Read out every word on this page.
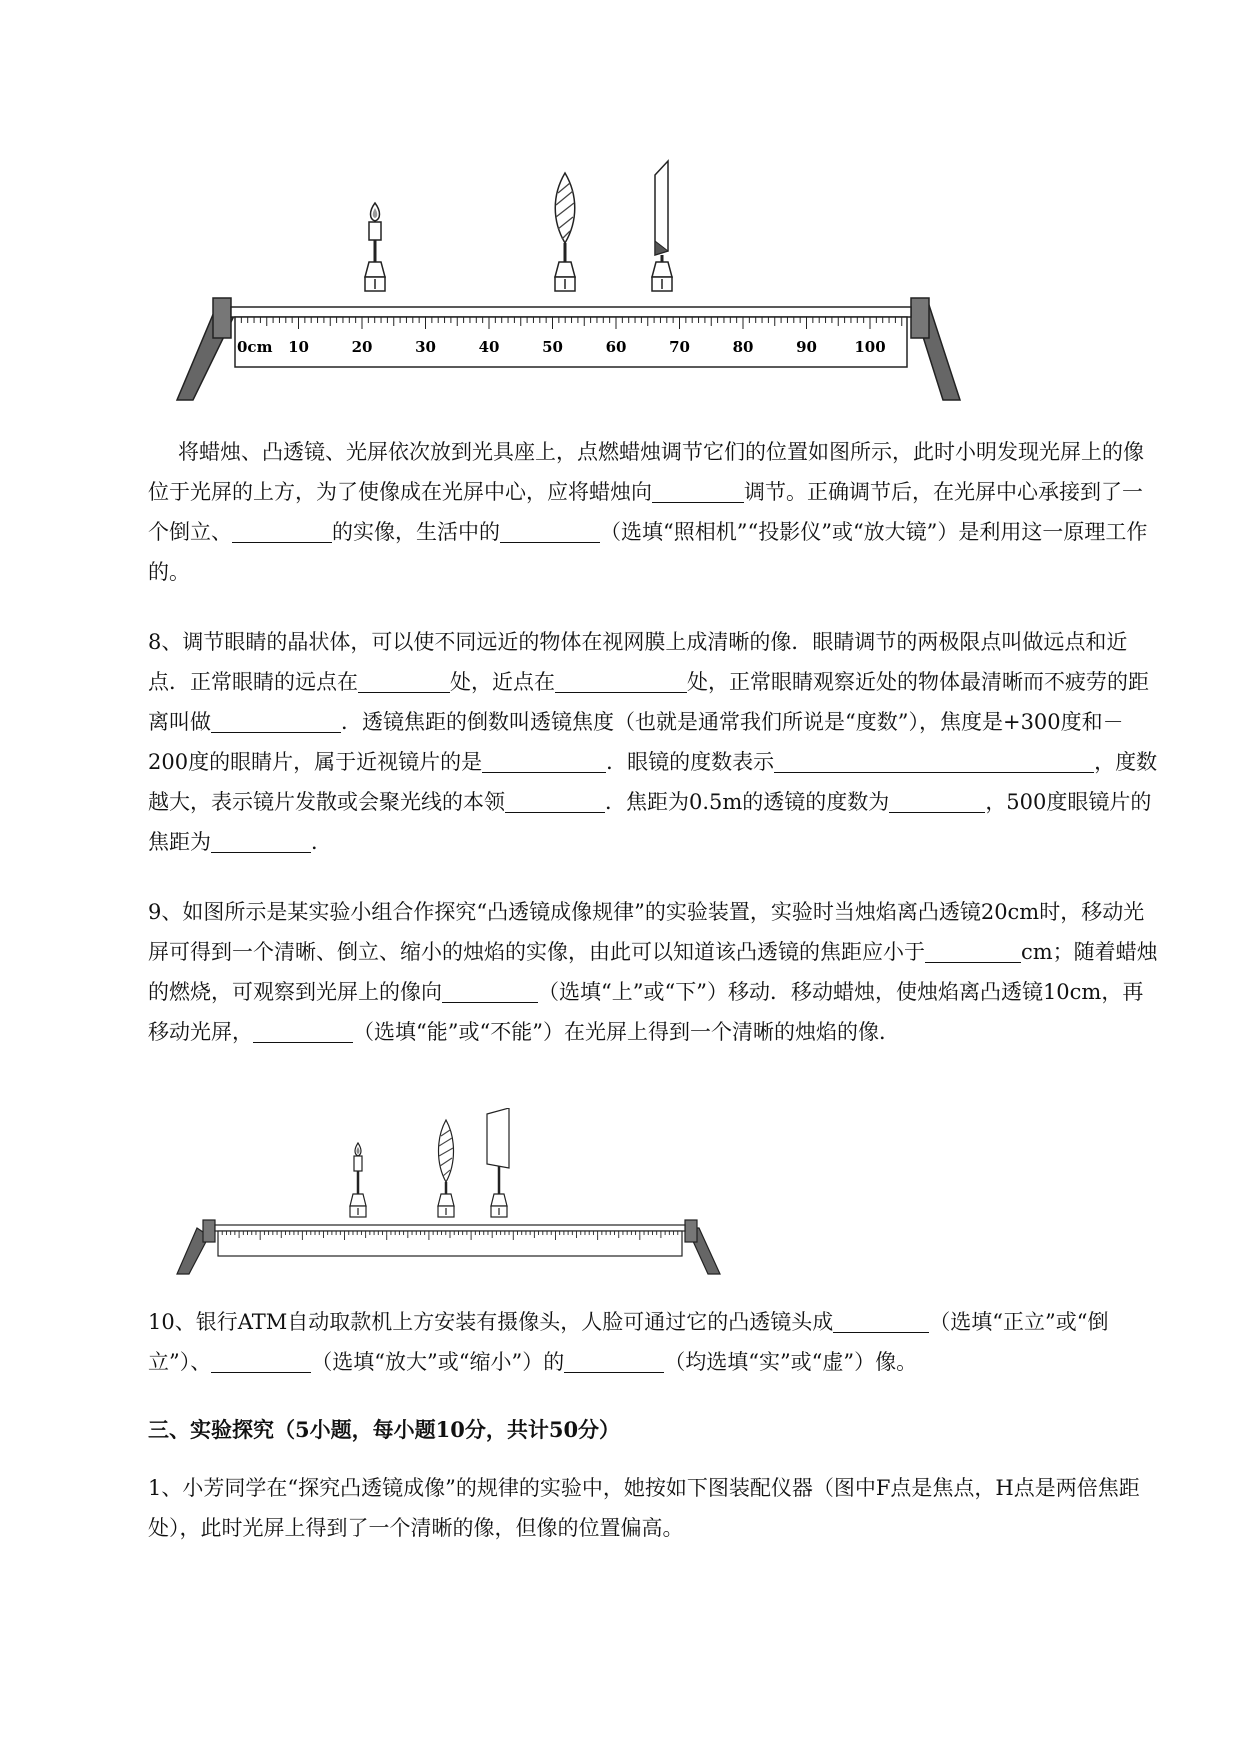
0cm 10	20	30	40	50	60	70	80	90 100

将蜡烛、凸透镜、光屏依次放到光具座上，点燃蜡烛调节它们的位置如图所示，此时小明发现光屏上的像位于光屏的上方，为了使像成在光屏中心，应将蜡烛向	调节。正确调节后，在光屏中心承接到了一个倒立、	的实像，生活中的	（选填“照相机”“投影仪”或“放大镜”）是利用这一原理工作的。

8、调节眼睛的晶状体，可以使不同远近的物体在视网膜上成清晰的像．眼睛调节的两极限点叫做远点和近点．正常眼睛的远点在	处，近点在	处，正常眼睛观察近处的物体最清晰而不疲劳的距离叫做	．透镜焦距的倒数叫透镜焦度（也就是通常我们所说是“度数”），焦度是+300度和－200度的眼睛片，属于近视镜片的是	．眼镜的度数表示	，度数越大，表示镜片发散或会聚光线的本领	．焦距为0.5m的透镜的度数为	，500度眼镜片的焦距为	．

9、如图所示是某实验小组合作探究“凸透镜成像规律”的实验装置，实验时当烛焰离凸透镜20cm时，移动光屏可得到一个清晰、倒立、缩小的烛焰的实像，由此可以知道该凸透镜的焦距应小于	cm；随着蜡烛的燃烧，可观察到光屏上的像向	（选填“上”或“下”）移动．移动蜡烛，使烛焰离凸透镜10cm，再移动光屏，	（选填“能”或“不能”）在光屏上得到一个清晰的烛焰的像．

10、银行ATM自动取款机上方安装有摄像头，人脸可通过它的凸透镜头成	（选填“正立”或“倒立”）、	（选填“放大”或“缩小”）的	（均选填“实”或“虚”）像。

三、实验探究（5小题，每小题10分，共计50分）

1、小芳同学在“探究凸透镜成像”的规律的实验中，她按如下图装配仪器（图中F点是焦点，H点是两倍焦距处），此时光屏上得到了一个清晰的像，但像的位置偏高。
